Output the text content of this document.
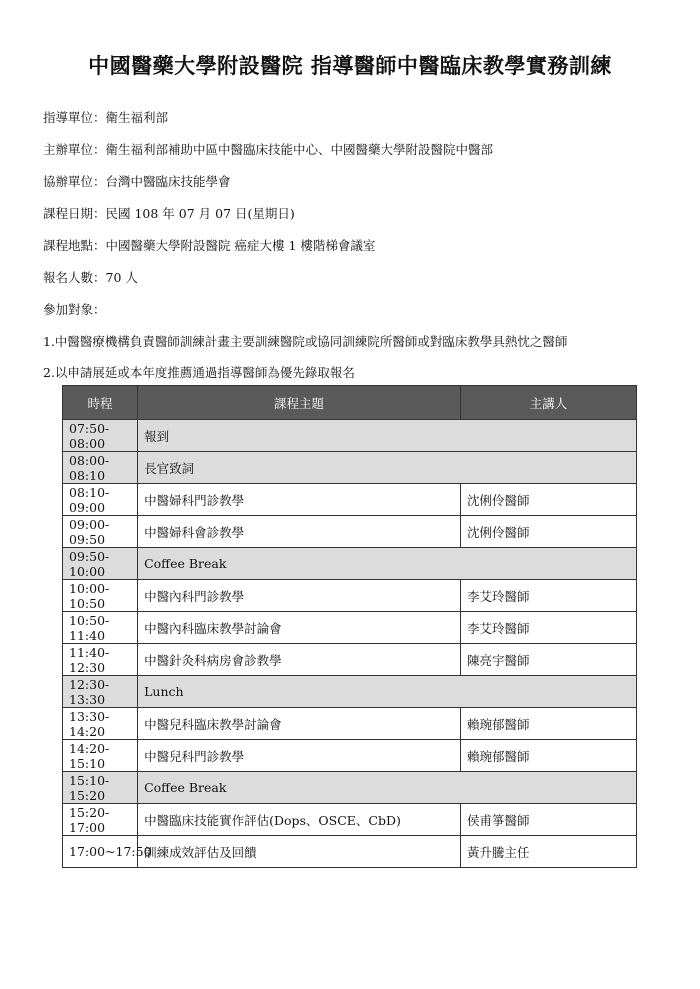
中國醫藥大學附設醫院 指導醫師中醫臨床教學實務訓練
指導單位：衛生福利部
主辦單位：衛生福利部補助中區中醫臨床技能中心、中國醫藥大學附設醫院中醫部
協辦單位：台灣中醫臨床技能學會
課程日期：民國 108 年 07 月 07 日(星期日)
課程地點：中國醫藥大學附設醫院 癌症大樓 1 樓階梯會議室
報名人數：70 人
參加對象：
1.中醫醫療機構負責醫師訓練計畫主要訓練醫院或協同訓練院所醫師或對臨床教學具熱忱之醫師
2.以申請展延或本年度推薦通過指導醫師為優先錄取報名
時程	課程主題	主講人
07:50-08:00	報到	
08:00-08:10	長官致詞	
08:10-09:00	中醫婦科門診教學	沈俐伶醫師
09:00-09:50	中醫婦科會診教學	沈俐伶醫師
09:50-10:00	Coffee Break	
10:00-10:50	中醫內科門診教學	李艾玲醫師
10:50-11:40	中醫內科臨床教學討論會	李艾玲醫師
11:40-12:30	中醫針灸科病房會診教學	陳亮宇醫師
12:30-13:30	Lunch	
13:30-14:20	中醫兒科臨床教學討論會	賴琬郁醫師
14:20-15:10	中醫兒科門診教學	賴琬郁醫師
15:10-15:20	Coffee Break	
15:20-17:00	中醫臨床技能實作評估(Dops、OSCE、CbD)	侯甫箏醫師
17:00~17:50	訓練成效評估及回饋	黃升騰主任
